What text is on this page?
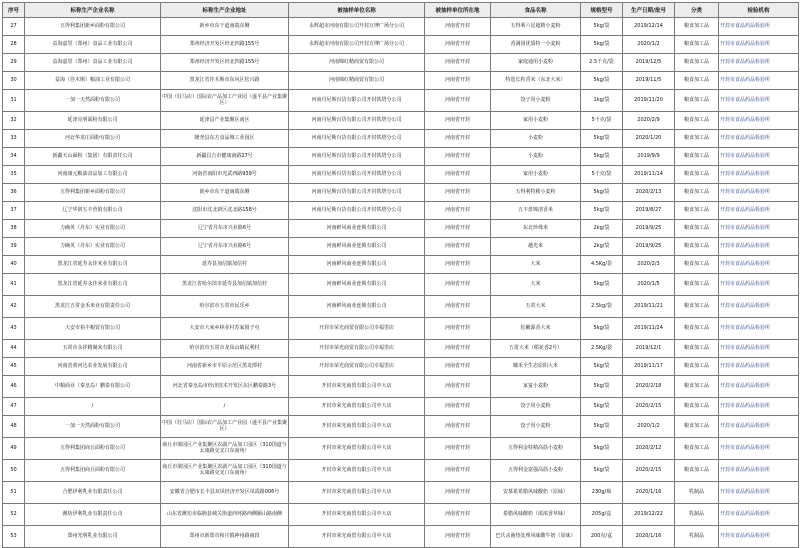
序号	标称生产企业名称	标称生产企业地址	被抽样单位名称	被抽样单位所在地	食品名称	规格型号	生产日期/批号	分类	检验机构
27	五得利集团新乡面粉有限公司	新乡市东干道南端东侧	永辉超市河南有限公司开封万博广场分公司	河南省开封	五得利六星超精小麦粉	5kg/袋	2019/12/14	粮食加工品	开封市食品药品检验所
28	益海嘉里（郑州）食品工业有限公司	郑州经济开发区经北四路155号	永辉超市河南有限公司开封万博广场分公司	河南省开封	香满园优质特一小麦粉	5kg/袋	2020/1/2	粮食加工品	开封市食品药品检验所
29	益海嘉里（郑州）食品工业有限公司	郑州经济开发区经北四路155号	河南锦红精商贸有限公司	河南省开封	家庭通用小麦粉	2.5千克/袋	2019/12/5	粮食加工品	开封市食品药品检验所
30	益海（佳木斯）粮油工业有限公司	黑龙江省佳木斯市东风区松兴路	河南锦红精商贸有限公司	河南省开封	特选长粒香米（东北大米）	5kg/袋	2019/11/5	粮食加工品	开封市食品药品检验所
31	一加一天然面粉有限公司	中国（驻马店）国际农产品加工产业园（遂平县产业集聚区）	河南丹尼斯百货有限公司开封铁塔分公司	河南省开封	饺子用小麦粉	1kg/袋	2019/11/20	粮食加工品	开封市食品药品检验所
32	延津克明面粉有限公司	延津县产业集聚区南区	河南丹尼斯百货有限公司开封铁塔分公司	河南省开封	家用小麦粉	5千克/袋	2020/2/9	粮食加工品	开封市食品药品检验所
33	河北华龙庄面粉有限公司	隆尧县东方食品城工业园区	河南丹尼斯百货有限公司开封铁塔分公司	河南省开封	小麦粉	5kg/袋	2020/1/20	粮食加工品	开封市食品药品检验所
34	新疆天山面粉（集团）有限责任公司	新疆昌吉市健康南路27号	河南丹尼斯百货有限公司开封铁塔分公司	河南省开封	小麦粉	5kg/袋	2019/9/9	粮食加工品	开封市食品药品检验所
35	河南康元粮油食品加工有限公司	河南省南阳市光武西路939号	河南丹尼斯百货有限公司开封铁塔分公司	河南省开封	家用小麦粉	5千克/袋	2019/11/14	粮食加工品	开封市食品药品检验所
36	五得利集团新乡面粉有限公司	新乡市东干道南端东侧	河南丹尼斯百货有限公司开封铁塔分公司	河南省开封	五得利特精小麦粉	5kg/袋	2020/2/13	粮食加工品	开封市食品药品检验所
37	辽宁华润五丰营销有限公司	沈阳市沈北新区沈北路158号	河南丹尼斯百货有限公司开封铁塔分公司	河南省开封	五丰盘锦清香米	5kg/袋	2019/8/27	粮食加工品	开封市食品药品检验所
38	力确英（丹东）实业有限公司	辽宁省丹东市兴业路6号	河南鲜风商业连锁有限公司	河南省开封	东北珍珠米	2kg/袋	2019/9/25	粮食加工品	开封市食品药品检验所
39	力确英（丹东）实业有限公司	辽宁省丹东市兴业路6号	河南鲜风商业连锁有限公司	河南省开封	越光米	2kg/袋	2019/9/25	粮食加工品	开封市食品药品检验所
40	黑龙江省延寿永佳米业有限公司	延寿县加信镇加信村	河南鲜风商业连锁有限公司	河南省开封	大米	4.5Kg/袋	2020/2/3	粮食加工品	开封市食品药品检验所
41	黑龙江省延寿永佳米业有限公司	黑龙江省哈尔滨市延寿县加信镇加信村	河南鲜风商业连锁有限公司	河南省开封	大米	5kg/袋	2020/1/5	粮食加工品	开封市食品药品检验所
42	黑龙江五常金禾米业有限责任公司	哈尔滨市五常市民乐乡	河南鲜风商业连锁有限公司	河南省开封	五常大米	2.5kg/袋	2019/11/21	粮食加工品	开封市食品药品检验所
43	大安市裕丰粮贸有限公司	大安市大來乡林业村苏家围子屯	开封市荣光商贸有限公司幸福里店	河南省开封	松嫩源香大米	5kg/袋	2019/11/24	粮食加工品	开封市食品药品检验所
44	五常市永祥精制米有限公司	哈尔滨市五常市龙凤山镇民利村	开封市荣光商贸有限公司幸福里店	河南省开封	五常大米（稻花香2号）	2.5Kg/袋	2019/12/1	粮食加工品	开封市食品药品检验所
45	河南省黄河达农业发展有限公司	河南省新乡市平原示范区黑龙潭村	开封市荣光商贸有限公司幸福里店	河南省开封	臻禾全生态原阳大米	5kg/袋	2019/11/17	粮食加工品	开封市食品药品检验所
46	中粮面业（秦皇岛）鹏泰有限公司	河北省秦皇岛市经济技术开发区东区鹏泰路3号	开封市荣光商贸有限公司中大店	河南省开封	家宴小麦粉	5kg/袋	2020/2/18	粮食加工品	开封市食品药品检验所
47	/	/	开封市荣光商贸有限公司中大店	河南省开封	饺子用小麦粉	5kg/袋	2020/2/15	粮食加工品	开封市食品药品检验所
48	一加一天然面粉有限公司	中国（驻马店）国际农产品加工产业园（遂平县产业集聚区）	开封市荣光商贸有限公司中大店	河南省开封	饺子用小麦粉	5kg/袋	2020/1/2	粮食加工品	开封市食品药品检验所
49	五得利集团商丘面粉有限公司	商丘市梁园区产业集聚区农副产品加工园区（310国道与太康路交叉口东南角）	开封市荣光商贸有限公司中大店	河南省开封	五得利金特精高筋小麦粉	5kg/袋	2020/2/12	粮食加工品	开封市食品药品检验所
50	五得利集团商丘面粉有限公司	商丘市梁园区产业集聚区农副产品加工园区（310国道与太康路交叉口东南角）	开封市荣光商贸有限公司中大店	河南省开封	五得利金富强高筋小麦粉	5kg/袋	2020/2/15	粮食加工品	开封市食品药品检验所
51	合肥伊利乳业有限责任公司	安徽省合肥市长丰县双凤经济开发区凤霞路006号	开封市荣光商贸有限公司中大店	河南省开封	安慕希希腊风味酸奶（原味）	230g/瓶	2020/1/16	乳制品	开封市食品药品检验所
52	潍坊伊利乳业有限责任公司	山东省潍坊市临朐县城关街道西环路西侧颐山路南侧	开封市荣光商贸有限公司中大店	河南省开封	希腊风味酸奶（浓浓香草味）	205g/盒	2019/12/22	乳制品	开封市食品药品检验所
53	郑州光明乳业有限公司	郑州市新郑市和庄镇神州路南段	开封市荣光商贸有限公司中大店	河南省开封	巴氏杀菌热处理风味酸牛奶（原味）	200克/盒	2020/1/16	乳制品	开封市食品药品检验所
